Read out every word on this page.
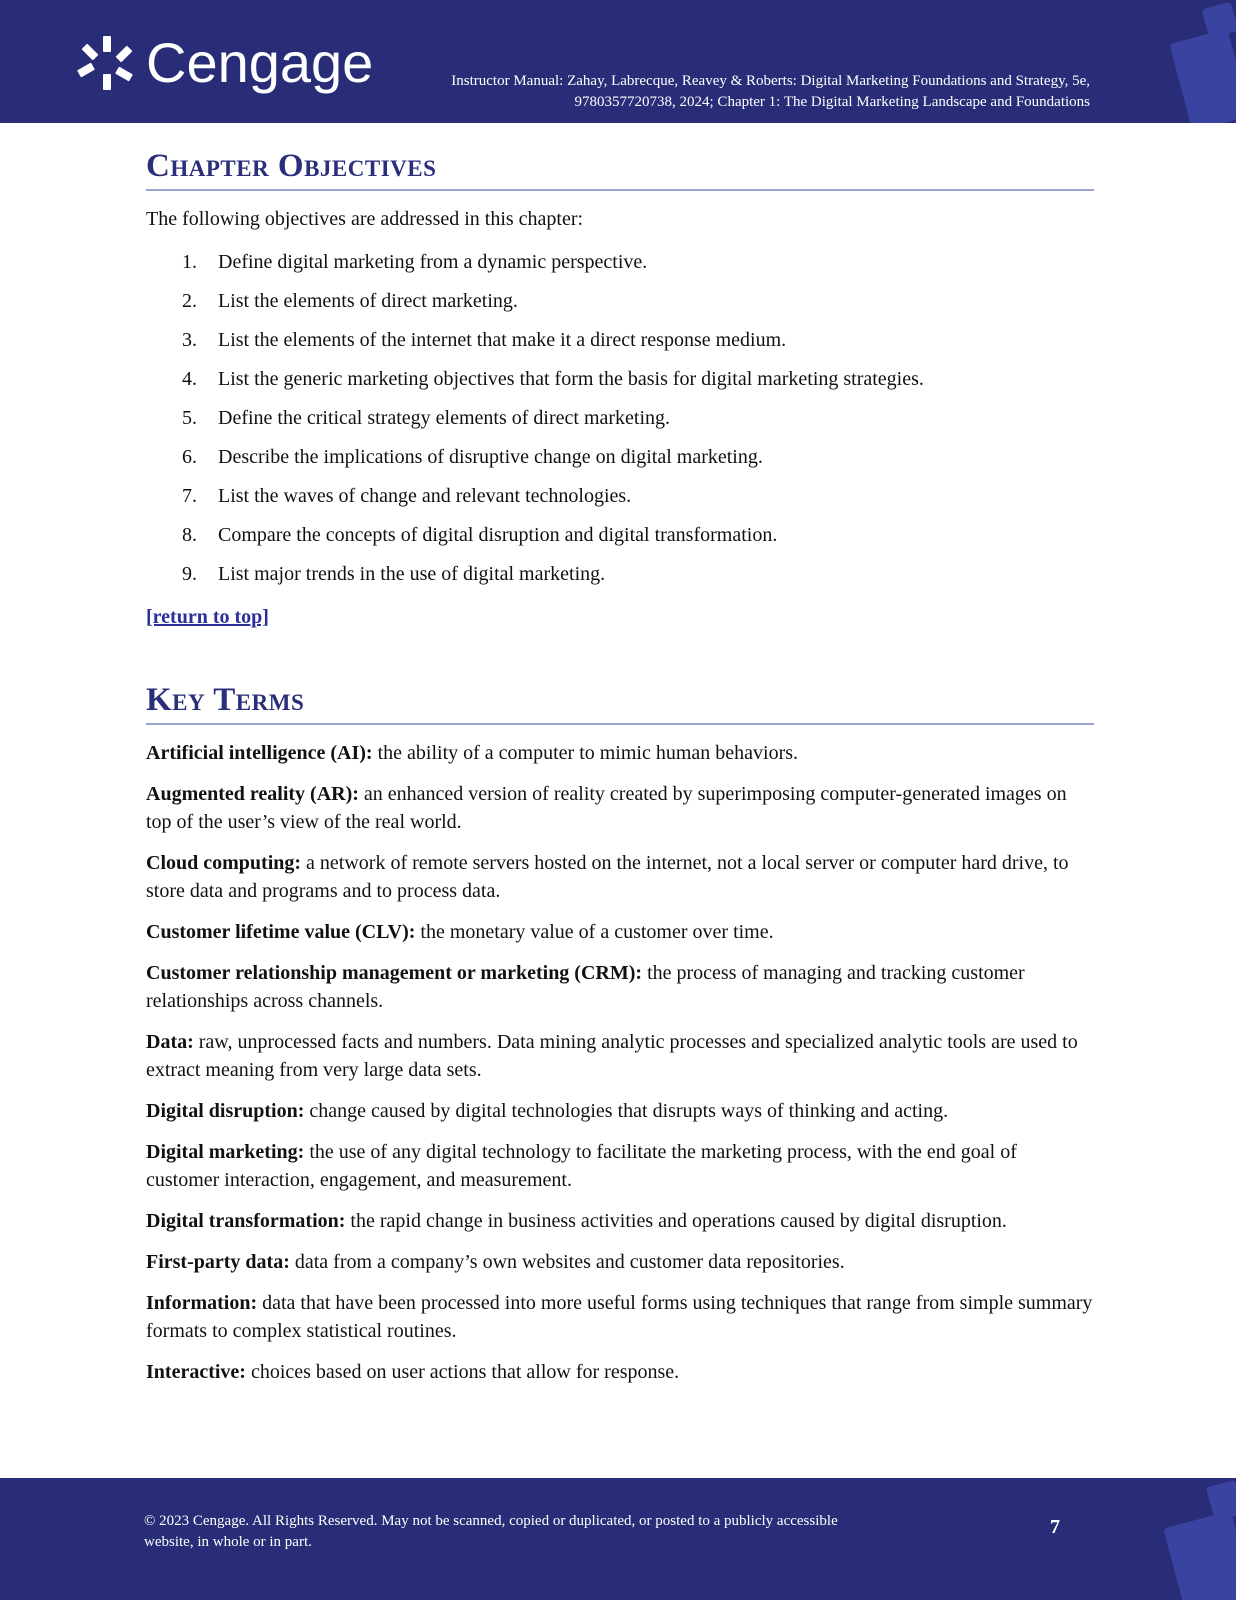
Cengage	Instructor Manual: Zahay, Labrecque, Reavey & Roberts: Digital Marketing Foundations and Strategy, 5e,
9780357720738, 2024; Chapter 1: The Digital Marketing Landscape and Foundations
Chapter Objectives

The following objectives are addressed in this chapter:

1.	Define digital marketing from a dynamic perspective.
2.	List the elements of direct marketing.
3.	List the elements of the internet that make it a direct response medium.
4.	List the generic marketing objectives that form the basis for digital marketing strategies.
5.	Define the critical strategy elements of direct marketing.
6.	Describe the implications of disruptive change on digital marketing.
7.	List the waves of change and relevant technologies.
8.	Compare the concepts of digital disruption and digital transformation.
9.	List major trends in the use of digital marketing.
[return to top]
Key Terms

Artificial intelligence (AI): the ability of a computer to mimic human behaviors.

Augmented reality (AR): an enhanced version of reality created by superimposing computer-generated images on top of the user’s view of the real world.

Cloud computing: a network of remote servers hosted on the internet, not a local server or computer hard drive, to store data and programs and to process data.

Customer lifetime value (CLV): the monetary value of a customer over time.

Customer relationship management or marketing (CRM): the process of managing and tracking customer relationships across channels.

Data: raw, unprocessed facts and numbers. Data mining analytic processes and specialized analytic tools are used to extract meaning from very large data sets.

Digital disruption: change caused by digital technologies that disrupts ways of thinking and acting.

Digital marketing: the use of any digital technology to facilitate the marketing process, with the end goal of customer interaction, engagement, and measurement.

Digital transformation: the rapid change in business activities and operations caused by digital disruption.

First-party data: data from a company’s own websites and customer data repositories.

Information: data that have been processed into more useful forms using techniques that range from simple summary formats to complex statistical routines.

Interactive: choices based on user actions that allow for response.

© 2023 Cengage. All Rights Reserved. May not be scanned, copied or duplicated, or posted to a publicly accessible website, in whole or in part.
7
